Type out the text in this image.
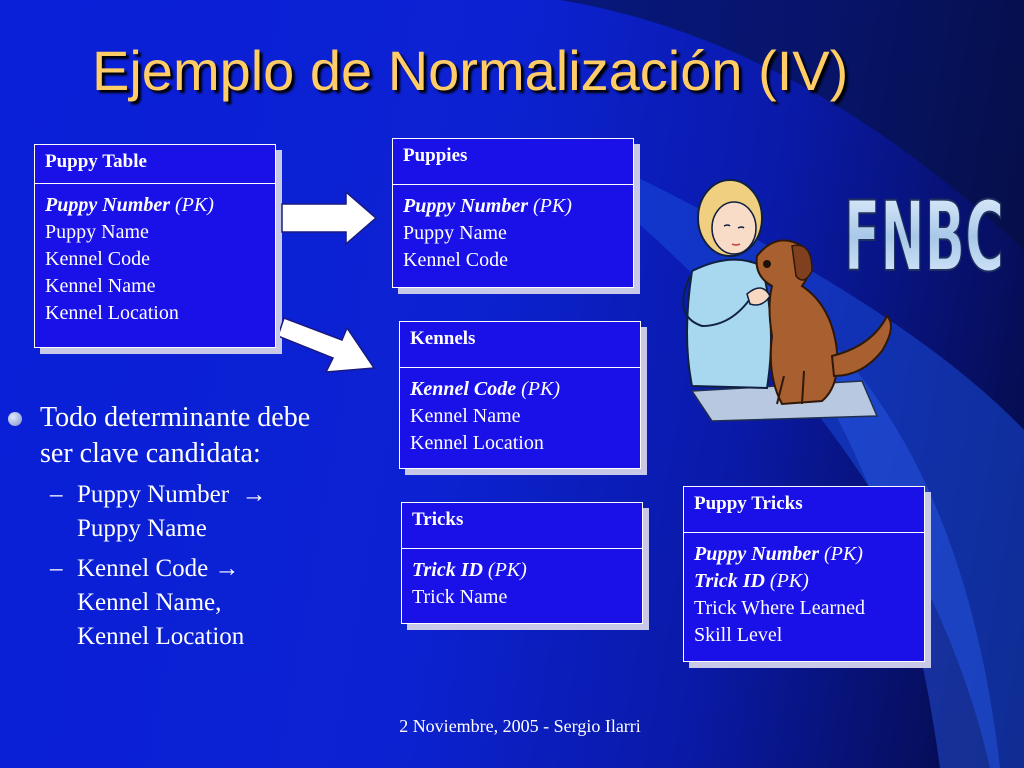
Ejemplo de Normalización (IV)
Puppy Table
Puppy Number (PK)
Puppy Name
Kennel Code
Kennel Name
Kennel Location
Puppies
Puppy Number (PK)
Puppy Name
Kennel Code
Kennels
Kennel Code (PK)
Kennel Name
Kennel Location
Tricks
Trick ID (PK)
Trick Name
Puppy Tricks
Puppy Number (PK)
Trick ID (PK)
Trick Where Learned
Skill Level
Todo determinante debe
ser clave candidata:
– Puppy Number →
Puppy Name
– Kennel Code →
Kennel Name,
Kennel Location
FNBC
2 Noviembre, 2005 - Sergio Ilarri
